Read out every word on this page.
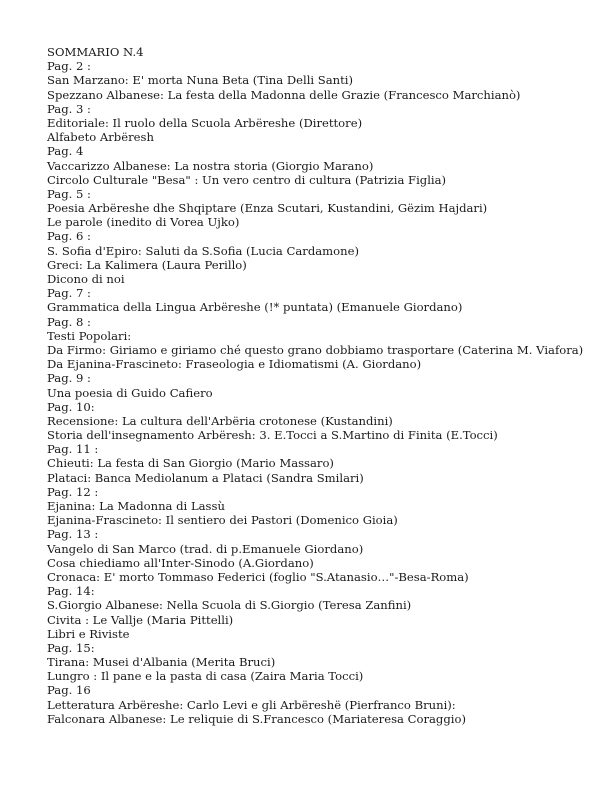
SOMMARIO N.4
Pag. 2 :
San Marzano: E' morta Nuna Beta (Tina Delli Santi)
Spezzano Albanese: La festa della Madonna delle Grazie (Francesco Marchianò)
Pag. 3 :
Editoriale: Il ruolo della Scuola Arbëreshe (Direttore)
Alfabeto Arbëresh
Pag. 4
Vaccarizzo Albanese: La nostra storia (Giorgio Marano)
Circolo Culturale "Besa" : Un vero centro di cultura (Patrizia Figlia)
Pag. 5 :
Poesia Arbëreshe dhe Shqiptare (Enza Scutari, Kustandini, Gëzim Hajdari)
Le parole (inedito di Vorea Ujko)
Pag. 6 :
S. Sofia d'Epiro: Saluti da S.Sofia (Lucia Cardamone)
Greci: La Kalimera (Laura Perillo)
Dicono di noi
Pag. 7 :
Grammatica della Lingua Arbëreshe (!* puntata) (Emanuele Giordano)
Pag. 8 :
Testi Popolari:
Da Firmo: Giriamo e giriamo ché questo grano dobbiamo trasportare (Caterina M. Viafora)
Da Ejanina-Frascineto: Fraseologia e Idiomatismi (A. Giordano)
Pag. 9 :
Una poesia di Guido Cafiero
Pag. 10:
Recensione: La cultura dell'Arbëria crotonese (Kustandini)
Storia dell'insegnamento Arbëresh: 3. E.Tocci a S.Martino di Finita (E.Tocci)
Pag. 11 :
Chieuti: La festa di San Giorgio (Mario Massaro)
Plataci: Banca Mediolanum a Plataci (Sandra Smilari)
Pag. 12 :
Ejanina: La Madonna di Lassù
Ejanina-Frascineto: Il sentiero dei Pastori (Domenico Gioia)
Pag. 13 :
Vangelo di San Marco (trad. di p.Emanuele Giordano)
Cosa chiediamo all'Inter-Sinodo (A.Giordano)
Cronaca: E' morto Tommaso Federici (foglio "S.Atanasio…"-Besa-Roma)
Pag. 14:
S.Giorgio Albanese: Nella Scuola di S.Giorgio (Teresa Zanfini)
Civita : Le Vallje (Maria Pittelli)
Libri e Riviste
Pag. 15:
Tirana: Musei d'Albania (Merita Bruci)
Lungro : Il pane e la pasta di casa (Zaira Maria Tocci)
Pag. 16
Letteratura Arbëreshe: Carlo Levi e gli Arbëreshë (Pierfranco Bruni):
Falconara Albanese: Le reliquie di S.Francesco (Mariateresa Coraggio)
